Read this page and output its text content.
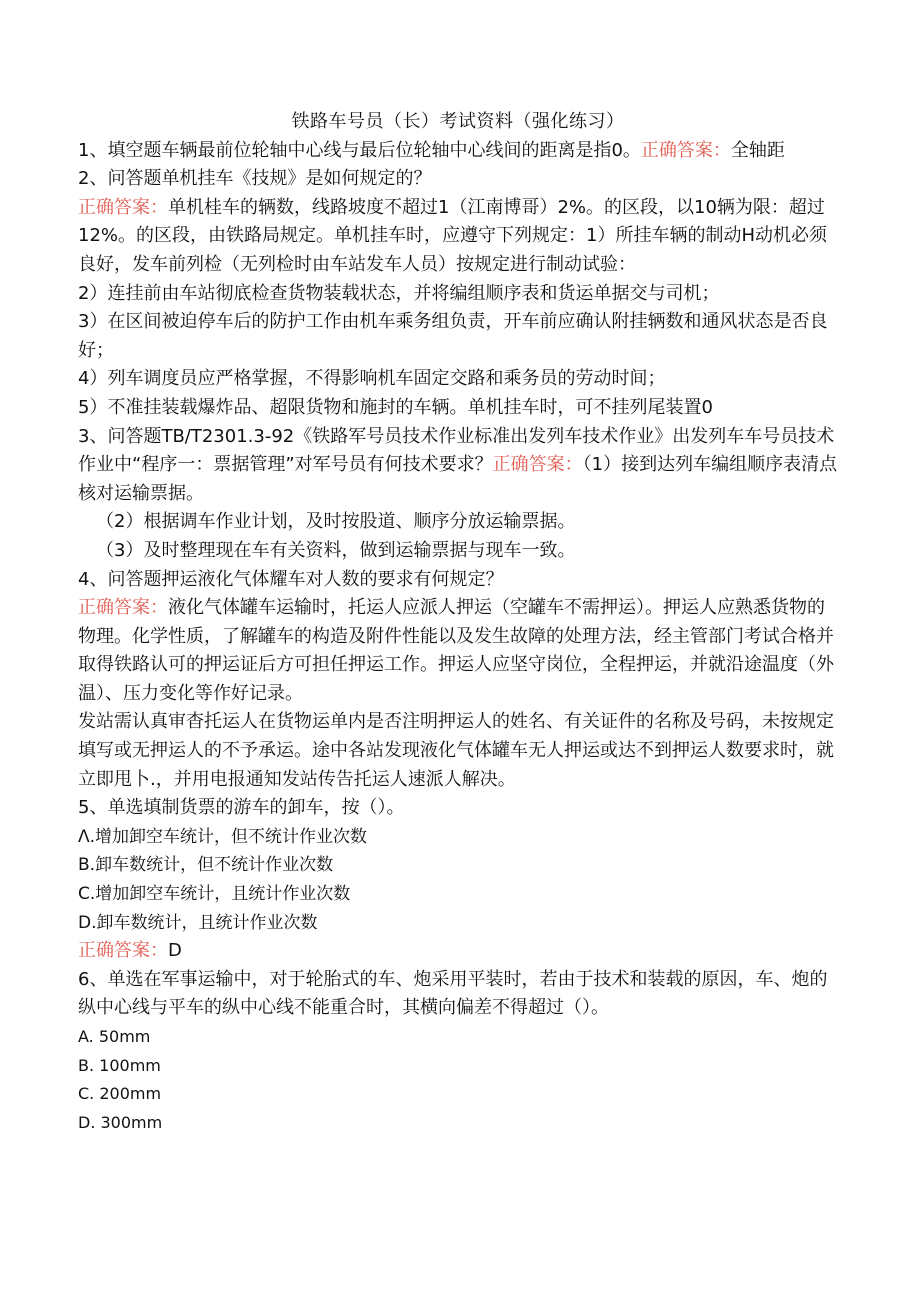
铁路车号员（长）考试资料（强化练习）

1、填空题车辆最前位轮轴中心线与最后位轮轴中心线间的距离是指0。正确答案：全轴距

2、问答题单机挂车《技规》是如何规定的？

正确答案：单机桂车的辆数，线路坡度不超过1（江南博哥）2%。的区段，以10辆为限：超过12%。的区段，由铁路局规定。单机挂车时，应遵守下列规定：1）所挂车辆的制动H动机必须良好，发车前列检（无列检时由车站发车人员）按规定进行制动试验：

2）连挂前由车站彻底检查货物装载状态，并将编组顺序表和货运单据交与司机；

3）在区间被迫停车后的防护工作由机车乘务组负责，开车前应确认附挂辆数和通风状态是否良好；

4）列车调度员应严格掌握，不得影响机车固定交路和乘务员的劳动时间；

5）不准挂装载爆炸品、超限货物和施封的车辆。单机挂车时，可不挂列尾装置0

3、问答题TB/T2301.3-92《铁路军号员技术作业标准出发列车技术作业》出发列车车号员技术作业中“程序一：票据管理”对军号员有何技术要求？正确答案：（1）接到达列车编组顺序表清点核对运输票据。

（2）根据调车作业计划，及时按股道、顺序分放运输票据。

（3）及时整理现在车有关资料，做到运输票据与现车一致。

4、问答题押运液化气体耀车对人数的要求有何规定？

正确答案：液化气体罐车运输时，托运人应派人押运（空罐车不需押运）。押运人应熟悉货物的物理。化学性质，了解罐车的构造及附件性能以及发生故障的处理方法，经主管部门考试合格并取得铁路认可的押运证后方可担任押运工作。押运人应坚守岗位，全程押运，并就沿途温度（外温）、压力变化等作好记录。

发站需认真审杳托运人在货物运单内是否注明押运人的姓名、有关证件的名称及号码，未按规定填写或无押运人的不予承运。途中各站发现液化气体罐车无人押运或达不到押运人数要求时，就立即甩卜.，并用电报通知发站传告托运人速派人解决。

5、单选填制货票的游车的卸车，按（）。

Λ.增加卸空车统计，但不统计作业次数

B.卸车数统计，但不统计作业次数

C.增加卸空车统计，且统计作业次数

D.卸车数统计，且统计作业次数

正确答案：D

6、单选在军事运输中，对于轮胎式的车、炮采用平装时，若由于技术和装载的原因，车、炮的纵中心线与平车的纵中心线不能重合时，其横向偏差不得超过（）。

A. 50mm

B. 100mm

C. 200mm

D. 300mm
